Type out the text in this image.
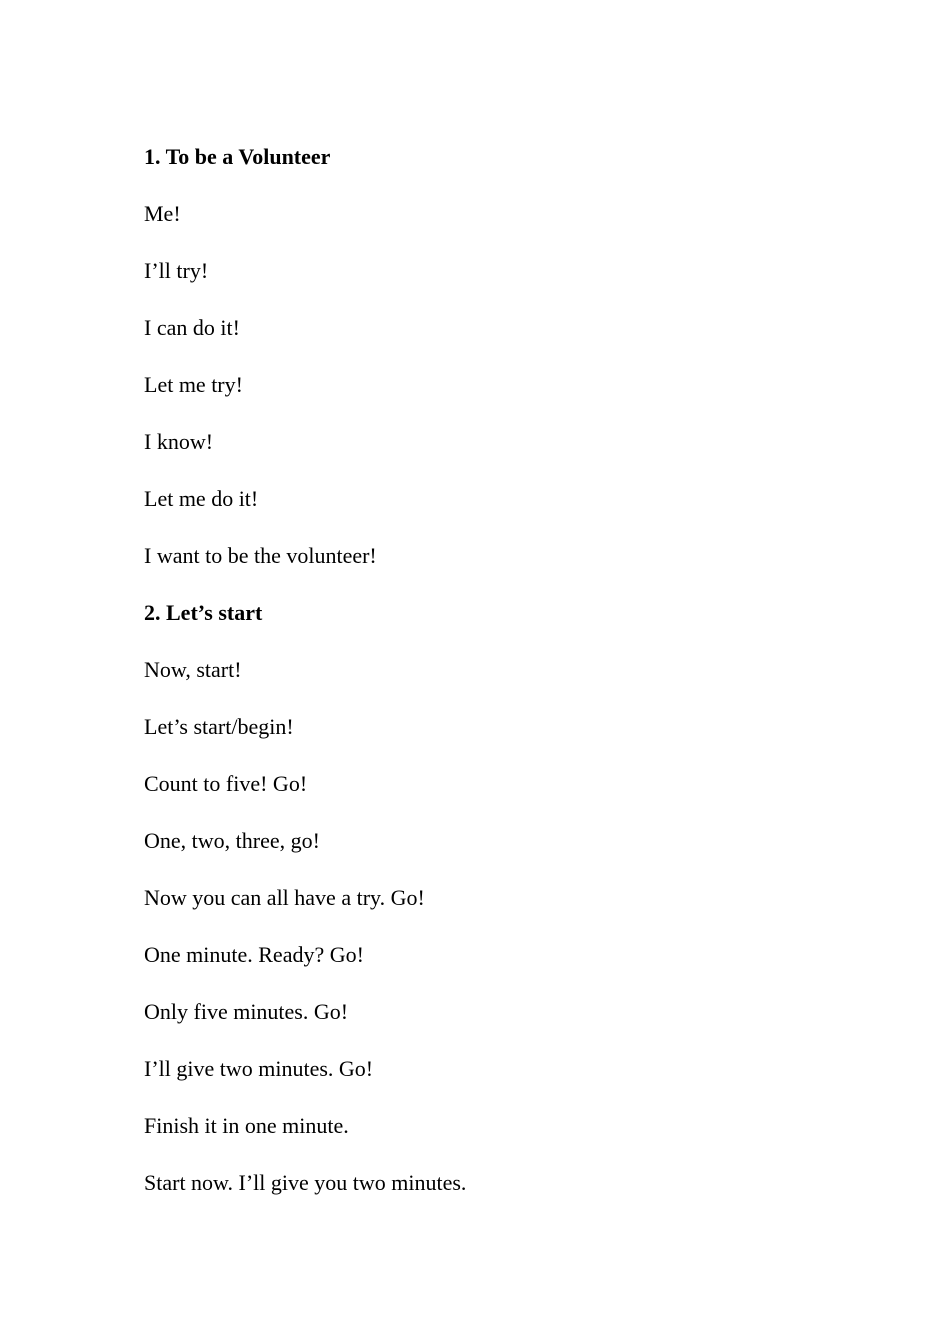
1. To be a Volunteer
Me!
I’ll try!
I can do it!
Let me try!
I know!
Let me do it!
I want to be the volunteer!
2. Let’s start
Now, start!
Let’s start/begin!
Count to five! Go!
One, two, three, go!
Now you can all have a try. Go!
One minute. Ready? Go!
Only five minutes. Go!
I’ll give two minutes. Go!
Finish it in one minute.
Start now. I’ll give you two minutes.
